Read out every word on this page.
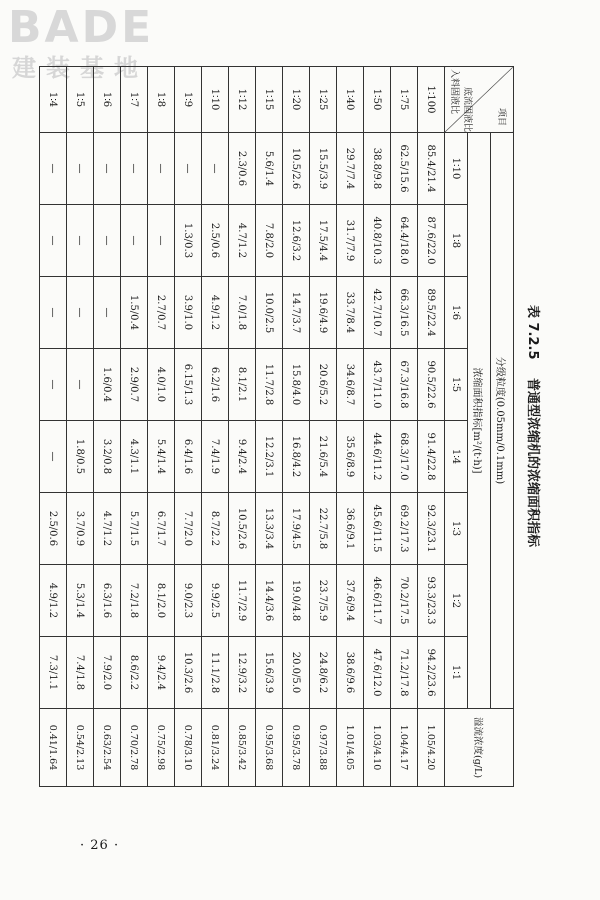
BADE
建装基地
表 7.2.5 普通型浓缩机的浓缩面积指标
项目
底流固液比
入料固液比	分级粒度(0.05mm/0.1mm)								溢流浓度(g/L)
	浓缩面积指标[m²/(t·h)]								
	1∶10	1∶8	1∶6	1∶5	1∶4	1∶3	1∶2	1∶1	
1∶100	85.4/21.4	87.6/22.0	89.5/22.4	90.5/22.6	91.4/22.8	92.3/23.1	93.3/23.3	94.2/23.6	1.05/4.20
1∶75	62.5/15.6	64.4/18.0	66.3/16.5	67.3/16.8	68.3/17.0	69.2/17.3	70.2/17.5	71.2/17.8	1.04/4.17
1∶50	38.8/9.8	40.8/10.3	42.7/10.7	43.7/11.0	44.6/11.2	45.6/11.5	46.6/11.7	47.6/12.0	1.03/4.10
1∶40	29.7/7.4	31.7/7.9	33.7/8.4	34.6/8.7	35.6/8.9	36.6/9.1	37.6/9.4	38.6/9.6	1.01/4.05
1∶25	15.5/3.9	17.5/4.4	19.6/4.9	20.6/5.2	21.6/5.4	22.7/5.8	23.7/5.9	24.8/6.2	0.97/3.88
1∶20	10.5/2.6	12.6/3.2	14.7/3.7	15.8/4.0	16.8/4.2	17.9/4.5	19.0/4.8	20.0/5.0	0.95/3.78
1∶15	5.6/1.4	7.8/2.0	10.0/2.5	11.7/2.8	12.2/3.1	13.3/3.4	14.4/3.6	15.6/3.9	0.95/3.68
1∶12	2.3/0.6	4.7/1.2	7.0/1.8	8.1/2.1	9.4/2.4	10.5/2.6	11.7/2.9	12.9/3.2	0.85/3.42
1∶10	—	2.5/0.6	4.9/1.2	6.2/1.6	7.4/1.9	8.7/2.2	9.9/2.5	11.1/2.8	0.81/3.24
1∶9	—	1.3/0.3	3.9/1.0	6.15/1.3	6.4/1.6	7.7/2.0	9.0/2.3	10.3/2.6	0.78/3.10
1∶8	—	—	2.7/0.7	4.0/1.0	5.4/1.4	6.7/1.7	8.1/2.0	9.4/2.4	0.75/2.98
1∶7	—	—	1.5/0.4	2.9/0.7	4.3/1.1	5.7/1.5	7.2/1.8	8.6/2.2	0.70/2.78
1∶6	—	—	—	1.6/0.4	3.2/0.8	4.7/1.2	6.3/1.6	7.9/2.0	0.63/2.54
1∶5	—	—	—	—	1.8/0.5	3.7/0.9	5.3/1.4	7.4/1.8	0.54/2.13
1∶4	—	—	—	—	—	2.5/0.6	4.9/1.2	7.3/1.1	0.41/1.64
· 26 ·
